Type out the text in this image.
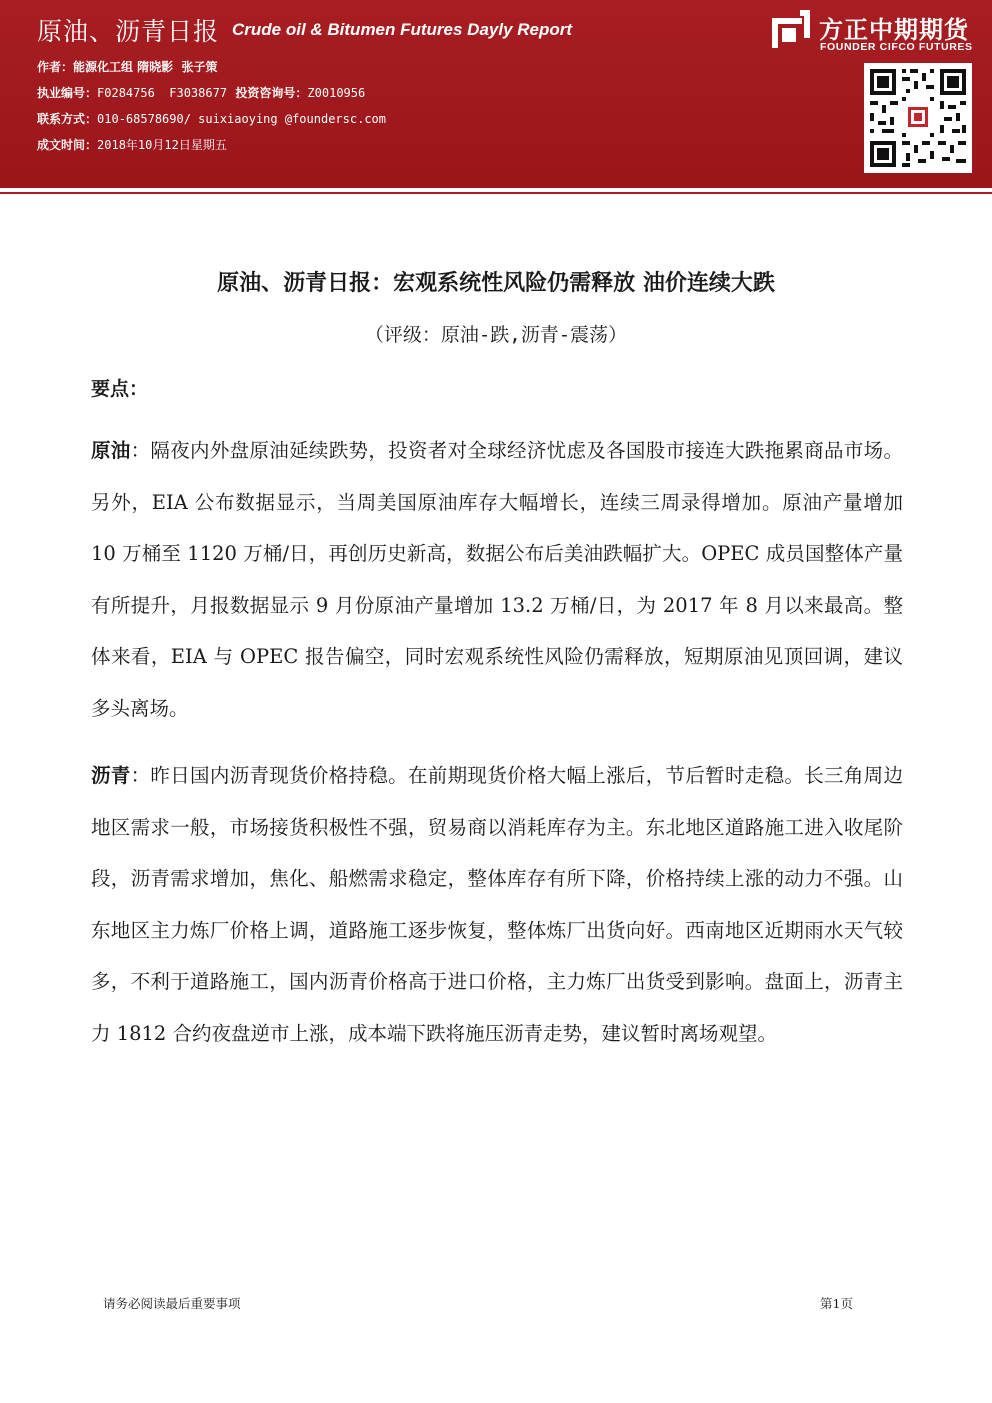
原油、沥青日报 Crude oil & Bitumen Futures Dayly Report	方正中期期货
FOUNDER CIFCO FUTURES
作者：能源化工组 隋晓影  张子策
执业编号：F0284756  F3038677  投资咨询号：Z0010956
联系方式：010-68578690/ suixiaoying @foundersc.com
成文时间：2018年10月12日星期五
原油、沥青日报：宏观系统性风险仍需释放 油价连续大跌
（评级：原油-跌,沥青-震荡）
要点：
原油：隔夜内外盘原油延续跌势，投资者对全球经济忧虑及各国股市接连大跌拖累商品市场。另外，EIA 公布数据显示，当周美国原油库存大幅增长，连续三周录得增加。原油产量增加 10 万桶至 1120 万桶/日，再创历史新高，数据公布后美油跌幅扩大。OPEC 成员国整体产量有所提升，月报数据显示 9 月份原油产量增加 13.2 万桶/日，为 2017 年 8 月以来最高。整体来看，EIA 与 OPEC 报告偏空，同时宏观系统性风险仍需释放，短期原油见顶回调，建议多头离场。
沥青：昨日国内沥青现货价格持稳。在前期现货价格大幅上涨后，节后暂时走稳。长三角周边地区需求一般，市场接货积极性不强，贸易商以消耗库存为主。东北地区道路施工进入收尾阶段，沥青需求增加，焦化、船燃需求稳定，整体库存有所下降，价格持续上涨的动力不强。山东地区主力炼厂价格上调，道路施工逐步恢复，整体炼厂出货向好。西南地区近期雨水天气较多，不利于道路施工，国内沥青价格高于进口价格，主力炼厂出货受到影响。盘面上，沥青主力 1812 合约夜盘逆市上涨，成本端下跌将施压沥青走势，建议暂时离场观望。
请务必阅读最后重要事项	第1页
